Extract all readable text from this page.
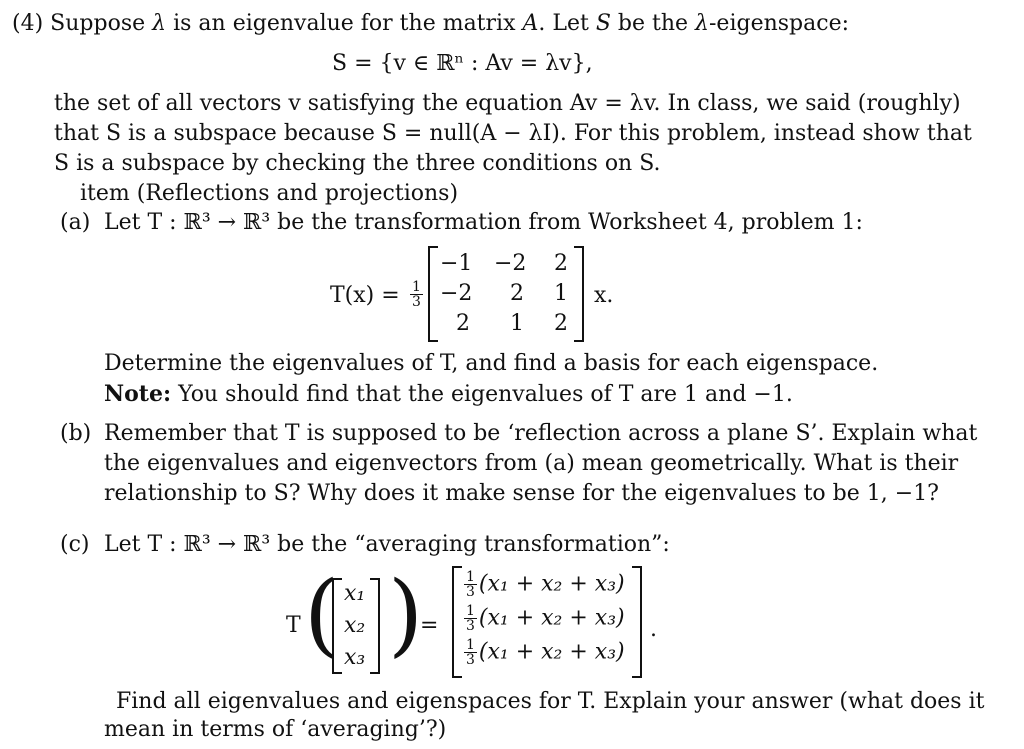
(4) Suppose λ is an eigenvalue for the matrix A. Let S be the λ-eigenspace:
S = {v ∈ ℝⁿ : Av = λv},
the set of all vectors v satisfying the equation Av = λv. In class, we said (roughly)
that S is a subspace because S = null(A − λI). For this problem, instead show that
S is a subspace by checking the three conditions on S.
item (Reflections and projections)
(a) Let T : ℝ³ → ℝ³ be the transformation from Worksheet 4, problem 1:
$T(x) = \frac{1}{3}$
−1 −2	2
−2	2	1
2	1	2
x.
Determine the eigenvalues of T, and find a basis for each eigenspace.
Note: You should find that the eigenvalues of T are 1 and −1.
(b) Remember that T is supposed to be ‘reflection across a plane S’. Explain what
the eigenvalues and eigenvectors from (a) mean geometrically. What is their
relationship to S? Why does it make sense for the eigenvalues to be 1, −1?
(c) Let T : ℝ³ → ℝ³ be the “averaging transformation”:
T ( )
x₁
x₂
x₃
=
$\frac{1}{3} (x_1 + x_2 + x_3)$
$\frac{1}{3} (x_1 + x_2 + x_3)$
$\frac{1}{3} (x_1 + x_2 + x_3)$
.
Find all eigenvalues and eigenspaces for T. Explain your answer (what does it
mean in terms of ‘averaging’?)
